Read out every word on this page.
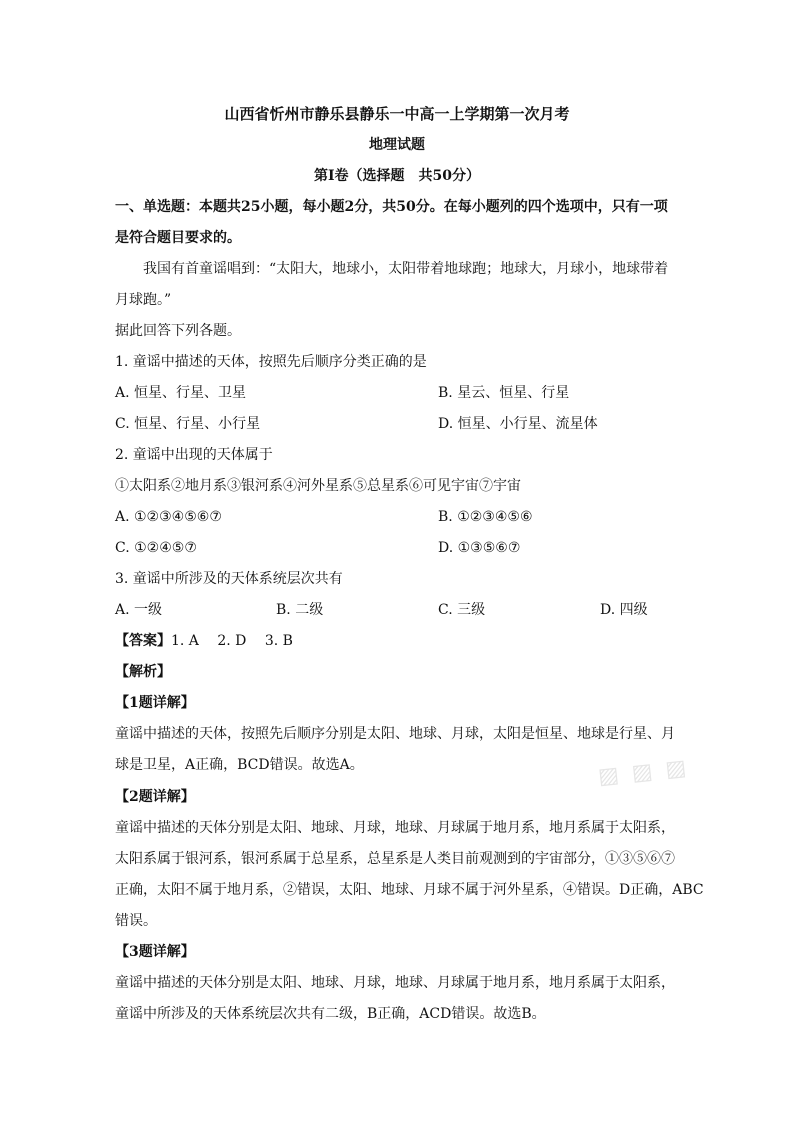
山西省忻州市静乐县静乐一中高一上学期第一次月考
地理试题
第Ⅰ卷（选择题　共50分）
一、单选题：本题共25小题，每小题2分，共50分。在每小题列的四个选项中，只有一项
是符合题目要求的。
我国有首童谣唱到：“太阳大，地球小，太阳带着地球跑；地球大，月球小，地球带着
月球跑。”
据此回答下列各题。
1. 童谣中描述的天体，按照先后顺序分类正确的是
A. 恒星、行星、卫星	B. 星云、恒星、行星
C. 恒星、行星、小行星	D. 恒星、小行星、流星体
2. 童谣中出现的天体属于
①太阳系②地月系③银河系④河外星系⑤总星系⑥可见宇宙⑦宇宙
A. ①②③④⑤⑥⑦	B. ①②③④⑤⑥
C. ①②④⑤⑦	D. ①③⑤⑥⑦
3. 童谣中所涉及的天体系统层次共有
A. 一级	B. 二级	C. 三级	D. 四级
【答案】1. A　 2. D　 3. B
【解析】
【1题详解】
童谣中描述的天体，按照先后顺序分别是太阳、地球、月球，太阳是恒星、地球是行星、月
球是卫星，A正确，BCD错误。故选A。
【2题详解】
童谣中描述的天体分别是太阳、地球、月球，地球、月球属于地月系，地月系属于太阳系，
太阳系属于银河系，银河系属于总星系，总星系是人类目前观测到的宇宙部分，①③⑤⑥⑦
正确，太阳不属于地月系，②错误，太阳、地球、月球不属于河外星系，④错误。D正确，ABC
错误。
【3题详解】
童谣中描述的天体分别是太阳、地球、月球，地球、月球属于地月系，地月系属于太阳系，
童谣中所涉及的天体系统层次共有二级，B正确，ACD错误。故选B。
▨ ▨ ▨
